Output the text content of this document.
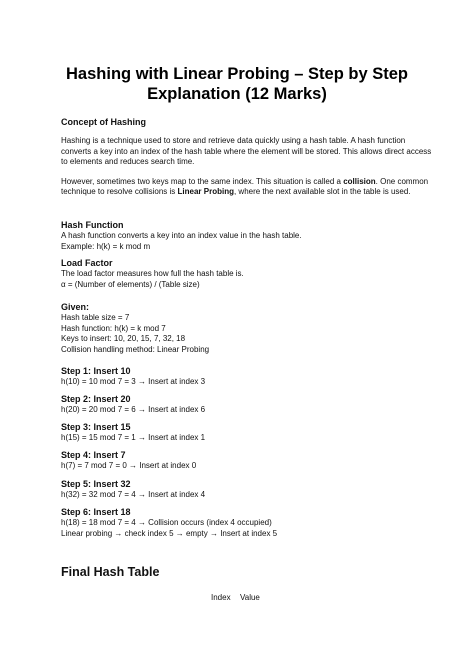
Hashing with Linear Probing – Step by Step
Explanation (12 Marks)

Concept of Hashing

Hashing is a technique used to store and retrieve data quickly using a hash table. A hash function converts a key into an index of the hash table where the element will be stored. This allows direct access to elements and reduces search time.

However, sometimes two keys map to the same index. This situation is called a collision. One common technique to resolve collisions is Linear Probing, where the next available slot in the table is used.

Hash Function

A hash function converts a key into an index value in the hash table.

Example: h(k) = k mod m

Load Factor

The load factor measures how full the hash table is.

α = (Number of elements) / (Table size)

Given:

Hash table size = 7

Hash function: h(k) = k mod 7

Keys to insert: 10, 20, 15, 7, 32, 18

Collision handling method: Linear Probing

Step 1: Insert 10

h(10) = 10 mod 7 = 3 → Insert at index 3

Step 2: Insert 20

h(20) = 20 mod 7 = 6 → Insert at index 6

Step 3: Insert 15

h(15) = 15 mod 7 = 1 → Insert at index 1

Step 4: Insert 7

h(7) = 7 mod 7 = 0 → Insert at index 0

Step 5: Insert 32

h(32) = 32 mod 7 = 4 → Insert at index 4

Step 6: Insert 18

h(18) = 18 mod 7 = 4 → Collision occurs (index 4 occupied)

Linear probing → check index 5 → empty → Insert at index 5

Final Hash Table
Index Value
